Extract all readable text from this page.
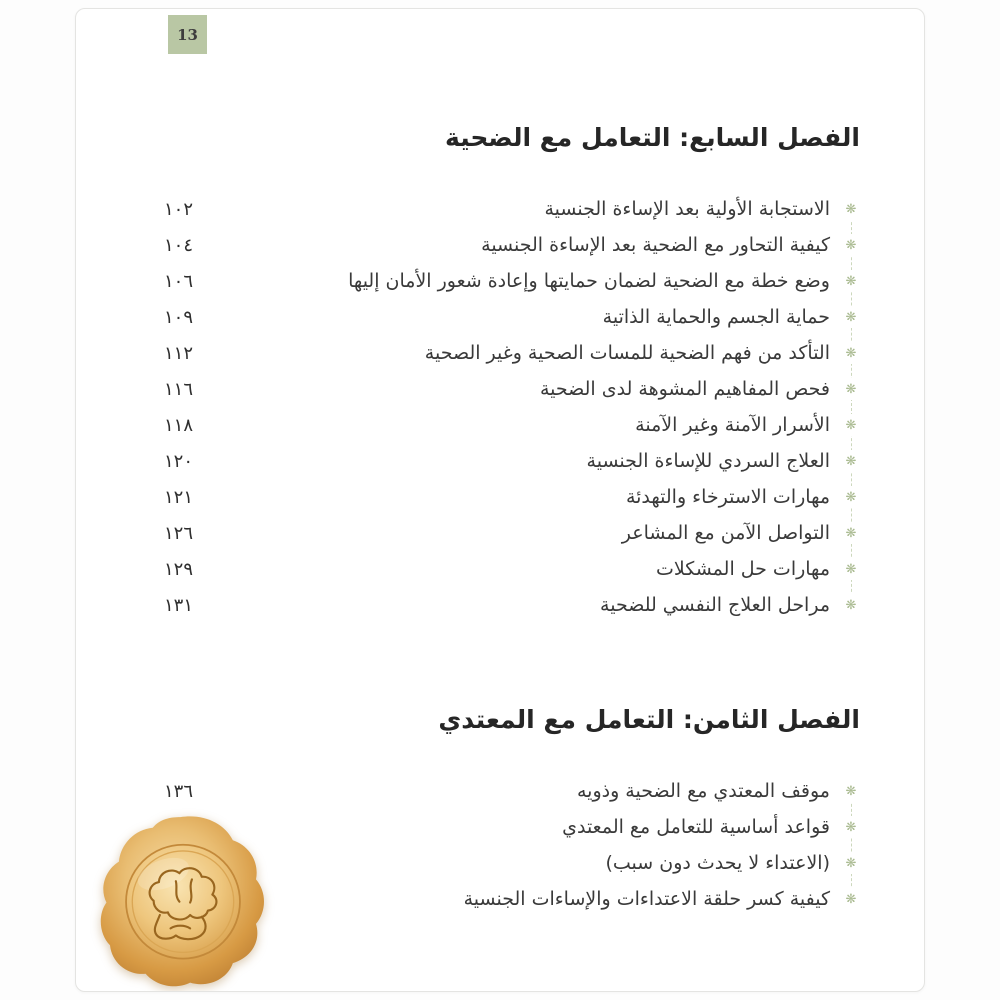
13
الفصل السابع: التعامل مع الضحية
❋
الاستجابة الأولية بعد الإساءة الجنسية
١٠٢
❋
كيفية التحاور مع الضحية بعد الإساءة الجنسية
١٠٤
❋
وضع خطة مع الضحية لضمان حمايتها وإعادة شعور الأمان إليها
١٠٦
❋
حماية الجسم والحماية الذاتية
١٠٩
❋
التأكد من فهم الضحية للمسات الصحية وغير الصحية
١١٢
❋
فحص المفاهيم المشوهة لدى الضحية
١١٦
❋
الأسرار الآمنة وغير الآمنة
١١٨
❋
العلاج السردي للإساءة الجنسية
١٢٠
❋
مهارات الاسترخاء والتهدئة
١٢١
❋
التواصل الآمن مع المشاعر
١٢٦
❋
مهارات حل المشكلات
١٢٩
❋
مراحل العلاج النفسي للضحية
١٣١
الفصل الثامن: التعامل مع المعتدي
❋
موقف المعتدي مع الضحية وذويه
١٣٦
❋
قواعد أساسية للتعامل مع المعتدي
❋
(الاعتداء لا يحدث دون سبب)
❋
كيفية كسر حلقة الاعتداءات والإساءات الجنسية
